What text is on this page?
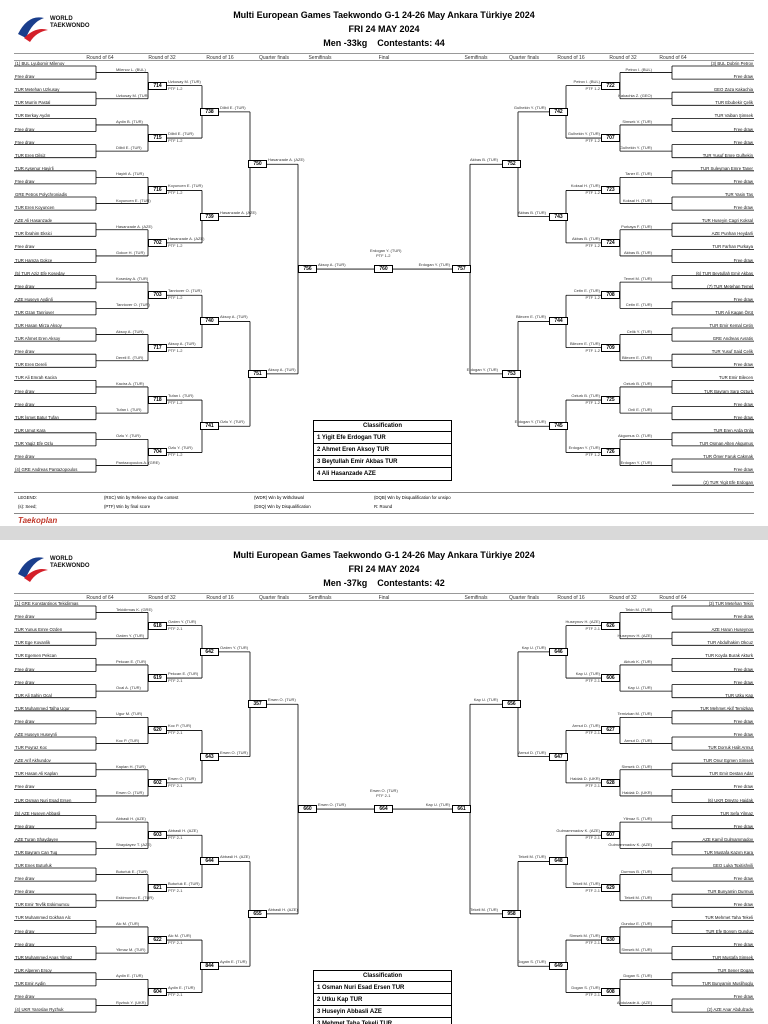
WORLD TAEKWONDO
Multi European Games Taekwondo G-1 24-26 May Ankara Türkiye 2024
FRI 24 MAY 2024
Men -33kg Contestants: 44
Round of 64	Round of 32	Round of 16	Quarter finals	Semifinals	Final	Semifinals	Quarter finals	Round of 16	Round of 32	Round of 64
(1) BUL Lyubomir Milenov
Free draw
TUR Metehan Uzkusay
TUR Murrin Pastal
TUR Berkay Aydın
Free draw
Free draw
TUR Eren Dilsiz
TUR Aysenur Hayirli
Free draw
GRE Petros Polychroniadis
TUR Eren Koyuncen
AZE Ali Hasanzade
TUR İbrahim Eksici
Free draw
TUR Hamza Gokce
(5) TUR Aziz Efe Koseday
Free draw
AZE Huseyn Aydinli
TUR Ozan Tanriover
TUR Hasan Mirza Aksoy
TUR Ahmet Eren Aksoy
Free draw
TUR Eren Dereli
TUR Ali Emrah Kacira
Free draw
Free draw
TUR İsmet Batur Tufan
TUR Umut Kara
TUR Yagiz Efe Ozlu
Free draw
(4) GRE Andreas Pantazopoulos
(3) BUL Dobrin Petrov
Free draw
GEO Zaza Kakachia
TUR Ebubekir Çelik
TUR Vaiban Şimsek
Free draw
Free draw
TUR Yusuf Emre Gulhekin
TUR Suleyman Emre Taner
Free draw
TUR Yasin Tas
Free draw
TUR Huseyin Cagri Koksal
AZE Punhan Heydarli
TUR Farhan Purkaya
Free draw
(6) TUR Beytullah Emir Akbas
(7) TUR Metehan Temel
Free draw
TUR Ali Kagan Örüt
TUR Emir Kemal Cetin
GRE Andreas Avratis
TUR Yusuf Said Celik
Free draw
TUR Emir Bilecen
TUR Bayram Sarp Ozturk
Free draw
Free draw
TUR Eren Arda Onlü
TUR Osman Alten Akgumus
TUR Ömer Faruk Cakmak
Free draw
(2) TUR Yigit Efe Erdogan
Milenov L. (BUL)	Petrov I. (BUL)
Uzkusay M. (TUR)	Kakachia Z. (GEO)
Aydin B. (TUR)	Simsek V. (TUR)
Dilbil E. (TUR)	Gulhekin Y. (TUR)
Hayirli A. (TUR)	Taner E. (TUR)
Koyuncen E. (TUR)	Koksal H. (TUR)
Hasanzade A. (AZE)	Purkaya F. (TUR)
Gokce H. (TUR)	Akbas B. (TUR)
Koseday A. (TUR)	Temel M. (TUR)
Tanriover O. (TUR)	Cetin E. (TUR)
Aksoy A. (TUR)	Celik Y. (TUR)
Dereli E. (TUR)	Bilecen E. (TUR)
Kacira A. (TUR)	Ozturk B. (TUR)
Tufan I. (TUR)	Onli E. (TUR)
Ozlu Y. (TUR)	Akgumus O. (TUR)
Pantazopoulos A. (GRE)	Erdogan Y. (TUR)
714
Uzkusay M. (TUR)
PTF 1-2	722
Petrov I. (BUL)
PTF 1-2
715
Dilbil E. (TUR)
PTF 1-2	707
Gulhekin Y. (TUR)
PTF 1-2
716
Koyuncen E. (TUR)
PTF 1-2	723
Koksal H. (TUR)
PTF 1-2
702
Hasanzade A. (AZE)
PTF 1-2	724
Akbas B. (TUR)
PTF 1-2
703
Tanriover O. (TUR)
PTF 1-2	708
Cetin E. (TUR)
PTF 1-2
717
Aksoy A. (TUR)
PTF 1-2	709
Bilecen E. (TUR)
PTF 1-2
718
Tufan I. (TUR)
PTF 1-2	725
Ozturk B. (TUR)
PTF 1-2
704
Ozlu Y. (TUR)
PTF 1-2	726
Erdogan Y. (TUR)
PTF 1-2
738
Dilbil E. (TUR)
742
Gulhekin Y. (TUR)
739
Hasanzade A. (AZE)
743
Akbas B. (TUR)
740
Aksoy A. (TUR)
744
Bilecen E. (TUR)
741
Ozlu Y. (TUR)
745
Erdogan Y. (TUR)
750
Hasanzade A. (AZE)
752
Akbas B. (TUR)
751
Aksoy A. (TUR)
753
Erdogan Y. (TUR)
756	760	757
Aksoy A. (TUR)	Erdogan Y. (TUR)
Erdogan Y. (TUR)
PTF 1-2
Classification
1 Yigit Efe Erdogan TUR
2 Ahmet Eren Aksoy TUR
3 Beytullah Emir Akbas TUR
4 Ali Hasanzade AZE
LEGEND:
(s): Seed;
(RSC) Win by Referee stop the contest
(PTF) Win by final score
(WDR) Win by Withdrawal
(DSQ) Win by Disqualification
(DQB) Win by Disqualification for unsipo
R: Round
Taekoplan
WORLD TAEKWONDO
Multi European Games Taekwondo G-1 24-26 May Ankara Türkiye 2024
FRI 24 MAY 2024
Men -37kg Contestants: 42
Round of 64	Round of 32	Round of 16	Quarter finals	Semifinals	Final	Semifinals	Quarter finals	Round of 16	Round of 32	Round of 64
(1) GRE Konstantinos Tekidirmas
Free draw
TUR Yunus Emre Ozden
TUR Ege Kovanlik
TUR Egemen Pekcan
Free draw
Free draw
TUR Ali Sahin Ocal
TUR Muhammed Talha Ugur
Free draw
AZE Huseyn Huseynli
TUR Poyraz Koc
AZE Arif Akhundov
TUR Hasan Ali Kaplan
Free draw
TUR Osman Nuri Esad Ersen
(5) AZE Huseyn Abbasli
Free draw
AZE Turan Shaydayev
TUR Bayram Can Tug
TUR Enes Buturluk
Free draw
Free draw
TUR Emir Tevfik Eskimumcu
TUR Muhammed Gokhan Alc
Free draw
Free draw
TUR Muhammed Anas Yilmaz
TUR Alperen Ersoy
TUR Emir Aydin
Free draw
(4) UKR Yaroslav Ryzhuk
(3) TUR Metehan Tekin
Free draw
AZE Harun Huseynov
TUR Abdulhakim Okcuz
TUR Koyda Burak Akturk
Free draw
Free draw
TUR Utku Kap
TUR Mehmet Akif Temizkan
Free draw
Free draw
TUR Dorruk Halit Armut
TUR Onur Egmen Simsek
TUR Emir Destan Adar
Free draw
(6) UKR Dmytro Haidak
TUR Sefa Yilmaz
Free draw
AZE Kamil Gulmammadov
TUR Mustafa Kazım Kara
GEO Luka Tsxitishvili
Free draw
TUR Bunyamin Durmus
Free draw
TUR Mehmet Taha Tekeli
TUR Efe Bonsm Gunduz
Free draw
TUR Mustafa Simsek
TUR Sener Dogan
TUR Bunyamin Muslihoglu
Free draw
(2) AZE Anar Abdulzade
Tekidirmas K. (GRE)	Tekin M. (TUR)
Ozden Y. (TUR)	Huseynov H. (AZE)
Pekcan E. (TUR)	Akturk K. (TUR)
Ocal A. (TUR)	Kap U. (TUR)
Ugur M. (TUR)	Temizkan M. (TUR)
Koc P. (TUR)	Armut D. (TUR)
Kaplan H. (TUR)	Simsek O. (TUR)
Ersen O. (TUR)	Haidak D. (UKR)
Abbasli H. (AZE)	Yilmaz S. (TUR)
Shaydayev T. (AZE)	Gulmammadov K. (AZE)
Buturluk E. (TUR)	Durmus B. (TUR)
Eskimumcu E. (TUR)	Tekeli M. (TUR)
Alc M. (TUR)	Gunduz E. (TUR)
Yilmaz M. (TUR)	Simsek M. (TUR)
Aydin E. (TUR)	Dogan S. (TUR)
Ryzhuk Y. (UKR)	Abdulzade A. (AZE)
618
Ozden Y. (TUR)
PTF 2-1	626
Huseynov H. (AZE)
PTF 2-1
619
Pekcan E. (TUR)
PTF 2-1	606
Kap U. (TUR)
PTF 2-1
620
Koc P. (TUR)
PTF 2-1	627
Armut D. (TUR)
PTF 2-1
602
Ersen O. (TUR)
PTF 2-1	628
Haidak D. (UKR)
PTF 2-1
603
Abbasli H. (AZE)
PTF 2-1	607
Gulmammadov K. (AZE)
PTF 2-1
621
Buturluk E. (TUR)
PTF 2-1	629
Tekeli M. (TUR)
PTF 2-1
622
Alc M. (TUR)
PTF 2-1	630
Simsek M. (TUR)
PTF 2-1
604
Aydin E. (TUR)
PTF 2-1	608
Dogan S. (TUR)
PTF 2-1
642
Ozden Y. (TUR)
646
Kap U. (TUR)
643
Ersen O. (TUR)
647
Armut D. (TUR)
644
Abbasli H. (AZE)
648
Tekeli M. (TUR)
844
Aydin E. (TUR)
649
Dogan S. (TUR)
357
Ersen O. (TUR)
656
Kap U. (TUR)
655
Abbasli H. (AZE)
958
Tekeli M. (TUR)
660	664	661
Ersen O. (TUR)	Kap U. (TUR)
Ersen O. (TUR)
PTF 2-1
Classification
1 Osman Nuri Esad Ersen TUR
2 Utku Kap TUR
3 Huseyin Abbasli AZE
3 Mehmet Taha Tekeli TUR
